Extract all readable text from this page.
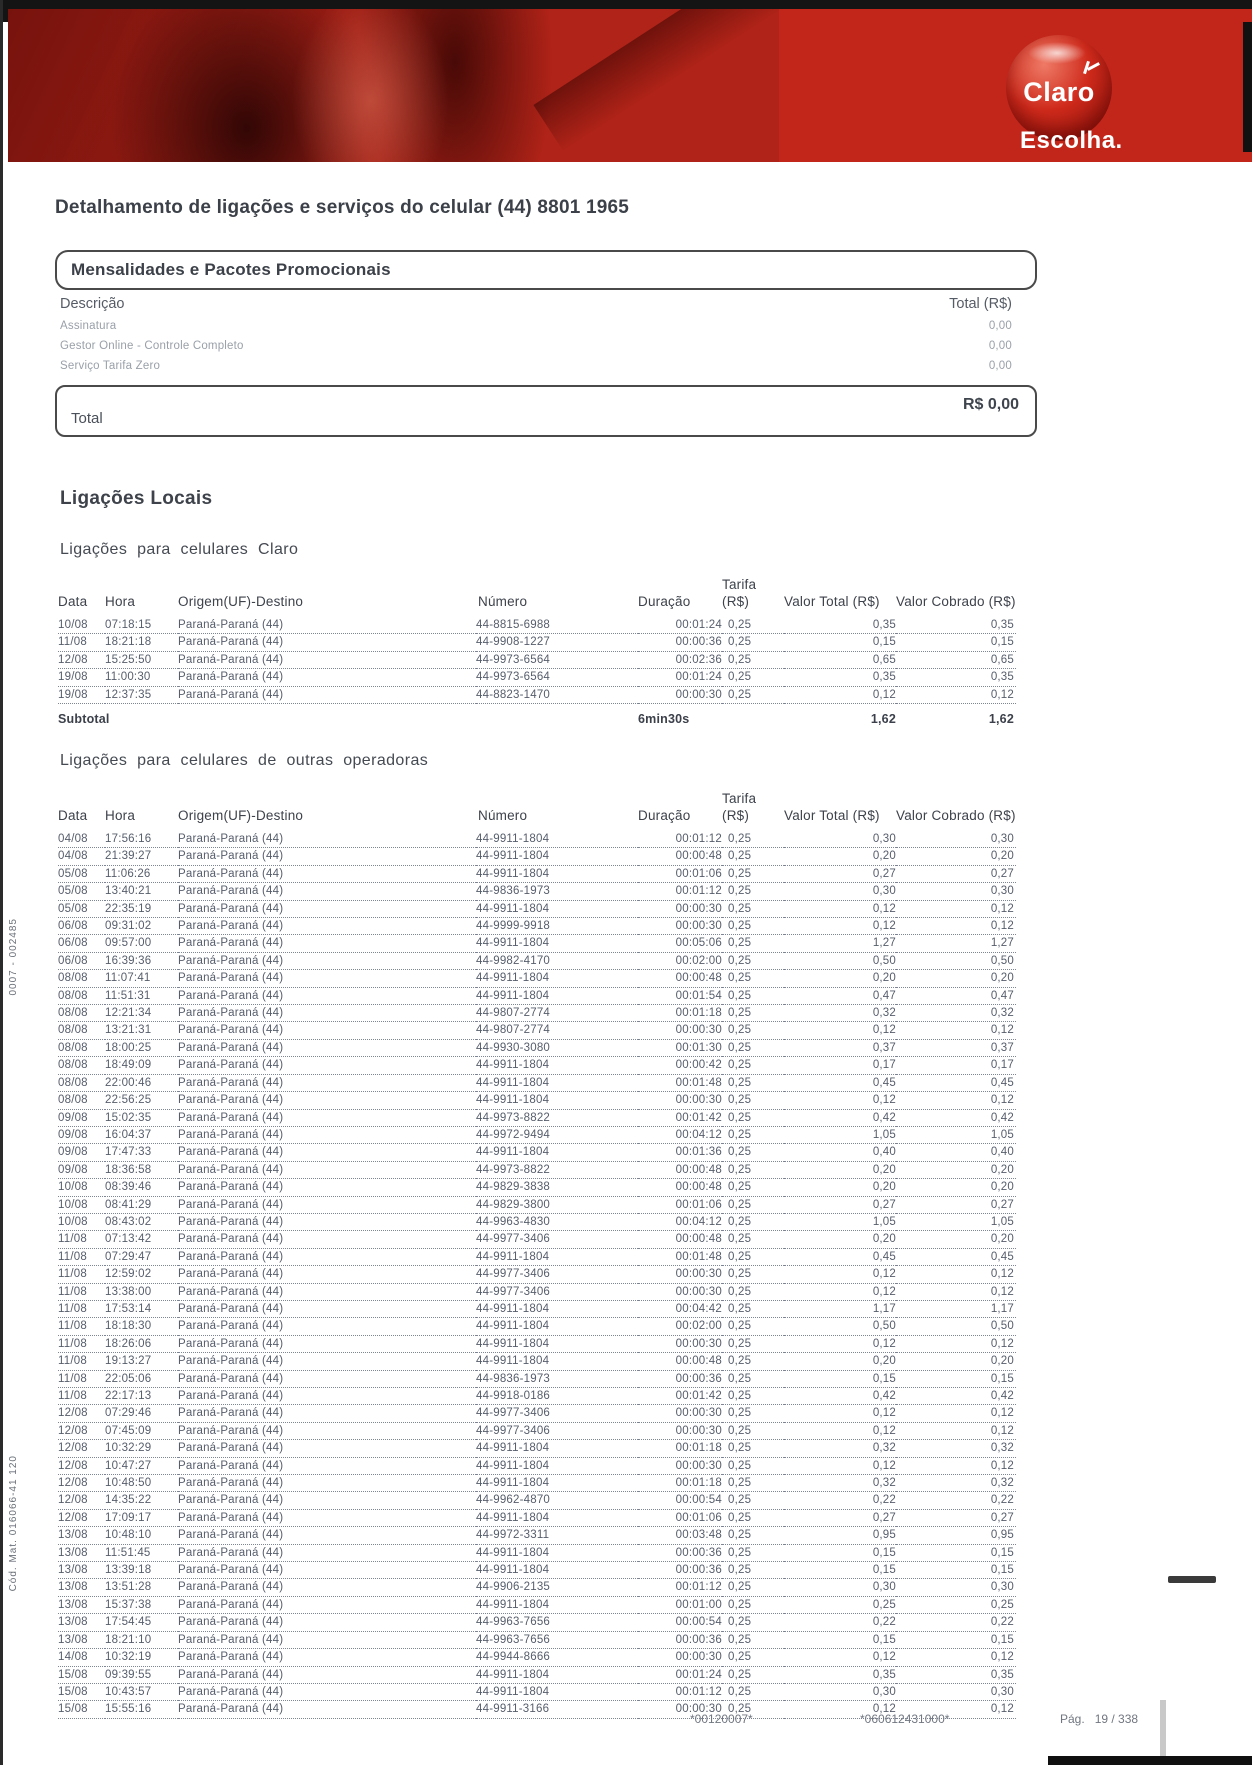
Claro
Escolha.
0007 - 002485
Cód. Mat. 016066-41 120
Detalhamento de ligações e serviços do celular (44) 8801 1965
Mensalidades e Pacotes Promocionais
Descrição	Total (R$)
Assinatura	0,00
Gestor Online - Controle Completo	0,00
Serviço Tarifa Zero	0,00
Total
R$ 0,00
Ligações Locais
Ligações para celulares Claro
Data	Hora	Origem(UF)-Destino	Número	Duração	Tarifa (R$)	Valor Total (R$)	Valor Cobrado (R$)
10/08	07:18:15	Paraná-Paraná (44)	44-8815-6988	00:01:24	0,25	0,35	0,35
11/08	18:21:18	Paraná-Paraná (44)	44-9908-1227	00:00:36	0,25	0,15	0,15
12/08	15:25:50	Paraná-Paraná (44)	44-9973-6564	00:02:36	0,25	0,65	0,65
19/08	11:00:30	Paraná-Paraná (44)	44-9973-6564	00:01:24	0,25	0,35	0,35
19/08	12:37:35	Paraná-Paraná (44)	44-8823-1470	00:00:30	0,25	0,12	0,12
Subtotal				6min30s		1,62	1,62
Ligações para celulares de outras operadoras
Data	Hora	Origem(UF)-Destino	Número	Duração	Tarifa (R$)	Valor Total (R$)	Valor Cobrado (R$)
04/08	17:56:16	Paraná-Paraná (44)	44-9911-1804	00:01:12	0,25	0,30	0,30
04/08	21:39:27	Paraná-Paraná (44)	44-9911-1804	00:00:48	0,25	0,20	0,20
05/08	11:06:26	Paraná-Paraná (44)	44-9911-1804	00:01:06	0,25	0,27	0,27
05/08	13:40:21	Paraná-Paraná (44)	44-9836-1973	00:01:12	0,25	0,30	0,30
05/08	22:35:19	Paraná-Paraná (44)	44-9911-1804	00:00:30	0,25	0,12	0,12
06/08	09:31:02	Paraná-Paraná (44)	44-9999-9918	00:00:30	0,25	0,12	0,12
06/08	09:57:00	Paraná-Paraná (44)	44-9911-1804	00:05:06	0,25	1,27	1,27
06/08	16:39:36	Paraná-Paraná (44)	44-9982-4170	00:02:00	0,25	0,50	0,50
08/08	11:07:41	Paraná-Paraná (44)	44-9911-1804	00:00:48	0,25	0,20	0,20
08/08	11:51:31	Paraná-Paraná (44)	44-9911-1804	00:01:54	0,25	0,47	0,47
08/08	12:21:34	Paraná-Paraná (44)	44-9807-2774	00:01:18	0,25	0,32	0,32
08/08	13:21:31	Paraná-Paraná (44)	44-9807-2774	00:00:30	0,25	0,12	0,12
08/08	18:00:25	Paraná-Paraná (44)	44-9930-3080	00:01:30	0,25	0,37	0,37
08/08	18:49:09	Paraná-Paraná (44)	44-9911-1804	00:00:42	0,25	0,17	0,17
08/08	22:00:46	Paraná-Paraná (44)	44-9911-1804	00:01:48	0,25	0,45	0,45
08/08	22:56:25	Paraná-Paraná (44)	44-9911-1804	00:00:30	0,25	0,12	0,12
09/08	15:02:35	Paraná-Paraná (44)	44-9973-8822	00:01:42	0,25	0,42	0,42
09/08	16:04:37	Paraná-Paraná (44)	44-9972-9494	00:04:12	0,25	1,05	1,05
09/08	17:47:33	Paraná-Paraná (44)	44-9911-1804	00:01:36	0,25	0,40	0,40
09/08	18:36:58	Paraná-Paraná (44)	44-9973-8822	00:00:48	0,25	0,20	0,20
10/08	08:39:46	Paraná-Paraná (44)	44-9829-3838	00:00:48	0,25	0,20	0,20
10/08	08:41:29	Paraná-Paraná (44)	44-9829-3800	00:01:06	0,25	0,27	0,27
10/08	08:43:02	Paraná-Paraná (44)	44-9963-4830	00:04:12	0,25	1,05	1,05
11/08	07:13:42	Paraná-Paraná (44)	44-9977-3406	00:00:48	0,25	0,20	0,20
11/08	07:29:47	Paraná-Paraná (44)	44-9911-1804	00:01:48	0,25	0,45	0,45
11/08	12:59:02	Paraná-Paraná (44)	44-9977-3406	00:00:30	0,25	0,12	0,12
11/08	13:38:00	Paraná-Paraná (44)	44-9977-3406	00:00:30	0,25	0,12	0,12
11/08	17:53:14	Paraná-Paraná (44)	44-9911-1804	00:04:42	0,25	1,17	1,17
11/08	18:18:30	Paraná-Paraná (44)	44-9911-1804	00:02:00	0,25	0,50	0,50
11/08	18:26:06	Paraná-Paraná (44)	44-9911-1804	00:00:30	0,25	0,12	0,12
11/08	19:13:27	Paraná-Paraná (44)	44-9911-1804	00:00:48	0,25	0,20	0,20
11/08	22:05:06	Paraná-Paraná (44)	44-9836-1973	00:00:36	0,25	0,15	0,15
11/08	22:17:13	Paraná-Paraná (44)	44-9918-0186	00:01:42	0,25	0,42	0,42
12/08	07:29:46	Paraná-Paraná (44)	44-9977-3406	00:00:30	0,25	0,12	0,12
12/08	07:45:09	Paraná-Paraná (44)	44-9977-3406	00:00:30	0,25	0,12	0,12
12/08	10:32:29	Paraná-Paraná (44)	44-9911-1804	00:01:18	0,25	0,32	0,32
12/08	10:47:27	Paraná-Paraná (44)	44-9911-1804	00:00:30	0,25	0,12	0,12
12/08	10:48:50	Paraná-Paraná (44)	44-9911-1804	00:01:18	0,25	0,32	0,32
12/08	14:35:22	Paraná-Paraná (44)	44-9962-4870	00:00:54	0,25	0,22	0,22
12/08	17:09:17	Paraná-Paraná (44)	44-9911-1804	00:01:06	0,25	0,27	0,27
13/08	10:48:10	Paraná-Paraná (44)	44-9972-3311	00:03:48	0,25	0,95	0,95
13/08	11:51:45	Paraná-Paraná (44)	44-9911-1804	00:00:36	0,25	0,15	0,15
13/08	13:39:18	Paraná-Paraná (44)	44-9911-1804	00:00:36	0,25	0,15	0,15
13/08	13:51:28	Paraná-Paraná (44)	44-9906-2135	00:01:12	0,25	0,30	0,30
13/08	15:37:38	Paraná-Paraná (44)	44-9911-1804	00:01:00	0,25	0,25	0,25
13/08	17:54:45	Paraná-Paraná (44)	44-9963-7656	00:00:54	0,25	0,22	0,22
13/08	18:21:10	Paraná-Paraná (44)	44-9963-7656	00:00:36	0,25	0,15	0,15
14/08	10:32:19	Paraná-Paraná (44)	44-9944-8666	00:00:30	0,25	0,12	0,12
15/08	09:39:55	Paraná-Paraná (44)	44-9911-1804	00:01:24	0,25	0,35	0,35
15/08	10:43:57	Paraná-Paraná (44)	44-9911-1804	00:01:12	0,25	0,30	0,30
15/08	15:55:16	Paraná-Paraná (44)	44-9911-3166	00:00:30	0,25	0,12	0,12
*00120007*	*060612431000*	Pág. 19 / 338
